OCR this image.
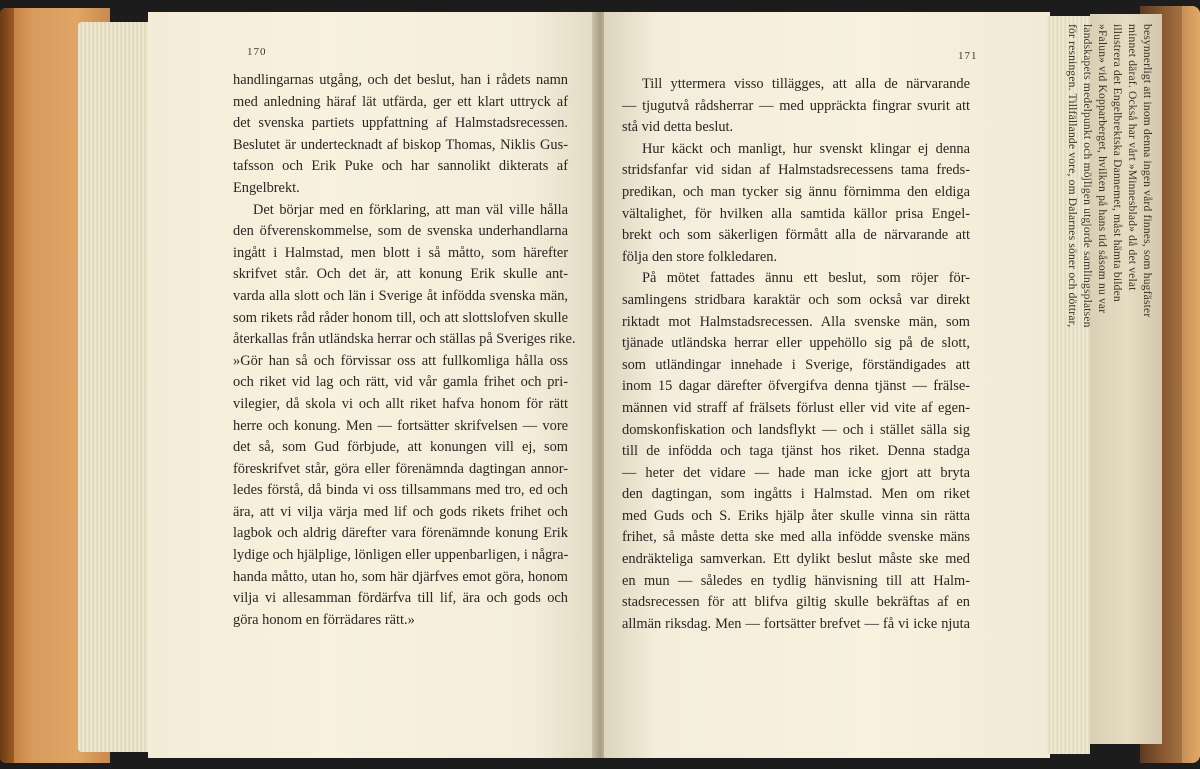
besynnerligt att inom denna ingen vård finnes, som hugfäster
minnet däraf. Också har vårt »Minnesblad» då det velat
illustrera det Engelbrektska Dannemet, måst hämta bilden
»Falun» vid Kopparberget, hvilken på hans tid såsom nu var
landskapets medelpunkt och möjligen utgjorde samlingsplatsen
för resningen. Tillfällande vore, om Dalarnes söner och döttrar,
170
handlingarnas utgång, och det beslut, han i rådets namn
med anledning häraf lät utfärda, ger ett klart uttryck af
det svenska partiets uppfattning af Halmstadsrecessen.
Beslutet är undertecknadt af biskop Thomas, Niklis Gus-
tafsson och Erik Puke och har sannolikt dikterats af
Engelbrekt.
Det börjar med en förklaring, att man väl ville hålla
den öfverenskommelse, som de svenska underhandlarna
ingått i Halmstad, men blott i så mått​o, som härefter
skrifvet står. Och det är, att konung Erik skulle ant-
varda alla slott och län i Sverige åt infödda svenska män,
som rikets råd råder honom till, och att slottslofven skulle
återkallas från utländska herrar och ställas på Sveriges rike.
»Gör han så och förvissar oss att fullkomliga hålla oss
och riket vid lag och rätt, vid vår gamla frihet och pri-
vilegier, då skola vi och allt riket hafva honom för rätt
herre och konung. Men — fortsätter skrifvelsen — vore
det så, som Gud förbjude, att konungen vill ej, som
föreskrifvet står, göra eller förenämnda dagtingan annor-
ledes förstå, då binda vi oss tillsammans med tro, ed och
ära, att vi vilja värja med lif och gods rikets frihet och
lagbok och aldrig därefter vara förenämnde konung Erik
lydige och hjälplige, lönligen eller uppenbarligen, i några-
handa mått​o, utan ho, som här djärfves emot göra, honom
vilja vi allesamman fördärfva till lif, ära och gods och
göra honom en förrädares rätt.»
171
Till yttermera visso tillägges, att alla de närvarande
— tjugutvå rådsherrar — med uppräckta fingrar svurit att
stå vid detta beslut.
Hur käckt och manligt, hur svenskt klingar ej denna
stridsfanfar vid sidan af Halmstadsrecessens tama freds-
predikan, och man tycker sig ännu förnimma den eldiga
vältalighet, för hvilken alla samtida källor prisa Engel-
brekt och som säkerligen förmått alla de närvarande att
följa den store folkledaren.
På mötet fattades ännu ett beslut, som röjer för-
samlingens stridbara karaktär och som också var direkt
riktadt mot Halmstadsrecessen. Alla svenske män, som
tjänade utländska herrar eller uppehöllo sig på de slott,
som utländingar innehade i Sverige, förständigades att
inom 15 dagar därefter öfvergifva denna tjänst — frälse-
männen vid straff af frälsets förlust eller vid vite af egen-
domskonfiskation och landsflykt — och i stället sälla sig
till de infödda och taga tjänst hos riket. Denna stadga
— heter det vidare — hade man icke gjort att bryta
den dagtingan, som ingåtts i Halmstad. Men om riket
med Guds och S. Eriks hjälp åter skulle vinna sin rätta
frihet, så måste detta ske med alla infödde svenske mäns
endräkteliga samverkan. Ett dylikt beslut måste ske med
en mun — således en tydlig hänvisning till att Halm-
stadsrecessen för att blifva giltig skulle bekräftas af en
allmän riksdag. Men — fortsätter brefvet — få vi icke njuta
